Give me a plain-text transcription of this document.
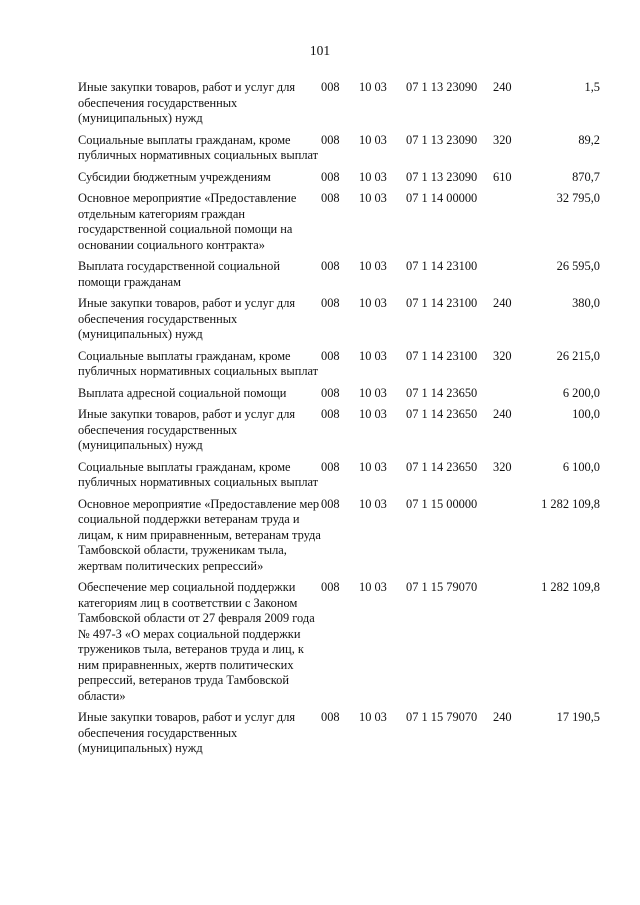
101
Иные закупки товаров, работ и услуг для обеспечения государственных (муниципальных) нужд	008	10 03	07 1 13 23090	240	1,5
Социальные выплаты гражданам, кроме публичных нормативных социальных выплат	008	10 03	07 1 13 23090	320	89,2
Субсидии бюджетным учреждениям	008	10 03	07 1 13 23090	610	870,7
Основное мероприятие «Предоставление отдельным категориям граждан государственной социальной помощи на основании социального контракта»	008	10 03	07 1 14 00000		32 795,0
Выплата государственной социальной помощи гражданам	008	10 03	07 1 14 23100		26 595,0
Иные закупки товаров, работ и услуг для обеспечения государственных (муниципальных) нужд	008	10 03	07 1 14 23100	240	380,0
Социальные выплаты гражданам, кроме публичных нормативных социальных выплат	008	10 03	07 1 14 23100	320	26 215,0
Выплата адресной социальной помощи	008	10 03	07 1 14 23650		6 200,0
Иные закупки товаров, работ и услуг для обеспечения государственных (муниципальных) нужд	008	10 03	07 1 14 23650	240	100,0
Социальные выплаты гражданам, кроме публичных нормативных социальных выплат	008	10 03	07 1 14 23650	320	6 100,0
Основное мероприятие «Предоставление мер социальной поддержки ветеранам труда и лицам, к ним приравненным, ветеранам труда Тамбовской области, труженикам тыла, жертвам политических репрессий»	008	10 03	07 1 15 00000		1 282 109,8
Обеспечение мер социальной поддержки категориям лиц в соответствии с Законом Тамбовской области от 27 февраля 2009 года № 497-З «О мерах социальной поддержки тружеников тыла, ветеранов труда и лиц, к ним приравненных, жертв политических репрессий, ветеранов труда Тамбовской области»	008	10 03	07 1 15 79070		1 282 109,8
Иные закупки товаров, работ и услуг для обеспечения государственных (муниципальных) нужд	008	10 03	07 1 15 79070	240	17 190,5
